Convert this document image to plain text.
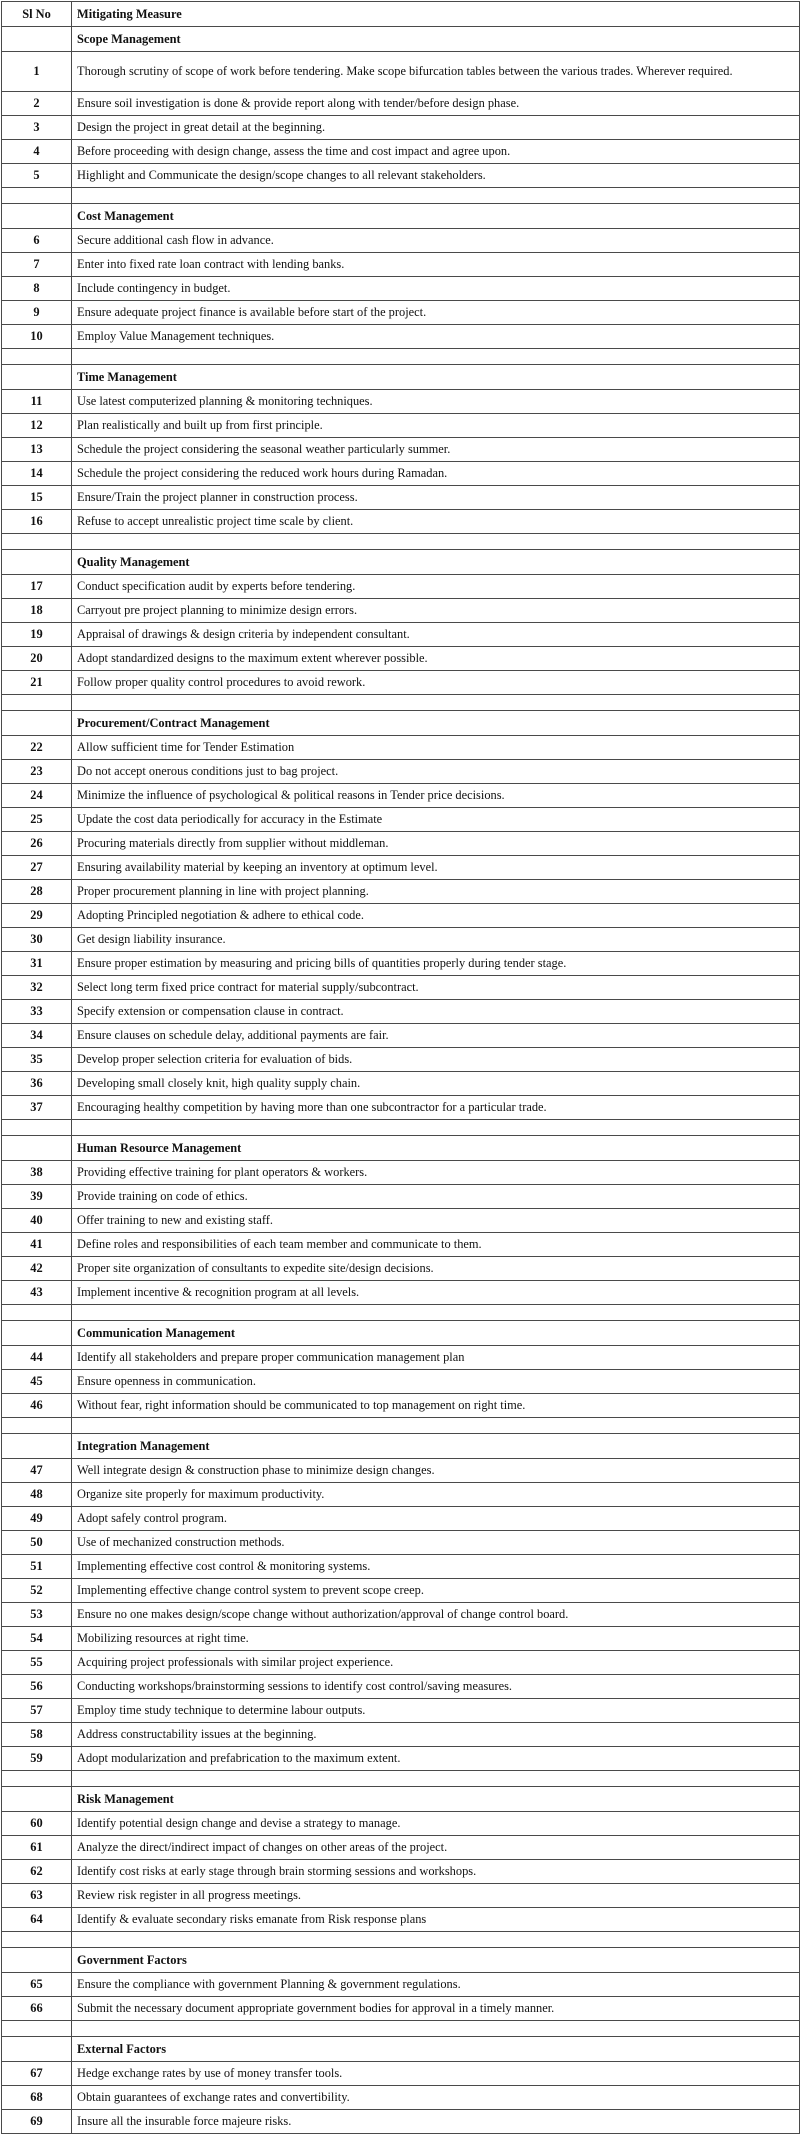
Sl No	Mitigating Measure
	Scope Management
1	Thorough scrutiny of scope of work before tendering. Make scope bifurcation tables between the various trades. Wherever required.
2	Ensure soil investigation is done & provide report along with tender/before design phase.
3	Design the project in great detail at the beginning.
4	Before proceeding with design change, assess the time and cost impact and agree upon.
5	Highlight and Communicate the design/scope changes to all relevant stakeholders.

	Cost Management
6	Secure additional cash flow in advance.
7	Enter into fixed rate loan contract with lending banks.
8	Include contingency in budget.
9	Ensure adequate project finance is available before start of the project.
10	Employ Value Management techniques.

	Time Management
11	Use latest computerized planning & monitoring techniques.
12	Plan realistically and built up from first principle.
13	Schedule the project considering the seasonal weather particularly summer.
14	Schedule the project considering the reduced work hours during Ramadan.
15	Ensure/Train the project planner in construction process.
16	Refuse to accept unrealistic project time scale by client.

	Quality Management
17	Conduct specification audit by experts before tendering.
18	Carryout pre project planning to minimize design errors.
19	Appraisal of drawings & design criteria by independent consultant.
20	Adopt standardized designs to the maximum extent wherever possible.
21	Follow proper quality control procedures to avoid rework.

	Procurement/Contract Management
22	Allow sufficient time for Tender Estimation
23	Do not accept onerous conditions just to bag project.
24	Minimize the influence of psychological & political reasons in Tender price decisions.
25	Update the cost data periodically for accuracy in the Estimate
26	Procuring materials directly from supplier without middleman.
27	Ensuring availability material by keeping an inventory at optimum level.
28	Proper procurement planning in line with project planning.
29	Adopting Principled negotiation & adhere to ethical code.
30	Get design liability insurance.
31	Ensure proper estimation by measuring and pricing bills of quantities properly during tender stage.
32	Select long term fixed price contract for material supply/subcontract.
33	Specify extension or compensation clause in contract.
34	Ensure clauses on schedule delay, additional payments are fair.
35	Develop proper selection criteria for evaluation of bids.
36	Developing small closely knit, high quality supply chain.
37	Encouraging healthy competition by having more than one subcontractor for a particular trade.

	Human Resource Management
38	Providing effective training for plant operators & workers.
39	Provide training on code of ethics.
40	Offer training to new and existing staff.
41	Define roles and responsibilities of each team member and communicate to them.
42	Proper site organization of consultants to expedite site/design decisions.
43	Implement incentive & recognition program at all levels.

	Communication Management
44	Identify all stakeholders and prepare proper communication management plan
45	Ensure openness in communication.
46	Without fear, right information should be communicated to top management on right time.

	Integration Management
47	Well integrate design & construction phase to minimize design changes.
48	Organize site properly for maximum productivity.
49	Adopt safely control program.
50	Use of mechanized construction methods.
51	Implementing effective cost control & monitoring systems.
52	Implementing effective change control system to prevent scope creep.
53	Ensure no one makes design/scope change without authorization/approval of change control board.
54	Mobilizing resources at right time.
55	Acquiring project professionals with similar project experience.
56	Conducting workshops/brainstorming sessions to identify cost control/saving measures.
57	Employ time study technique to determine labour outputs.
58	Address constructability issues at the beginning.
59	Adopt modularization and prefabrication to the maximum extent.

	Risk Management
60	Identify potential design change and devise a strategy to manage.
61	Analyze the direct/indirect impact of changes on other areas of the project.
62	Identify cost risks at early stage through brain storming sessions and workshops.
63	Review risk register in all progress meetings.
64	Identify & evaluate secondary risks emanate from Risk response plans

	Government Factors
65	Ensure the compliance with government Planning & government regulations.
66	Submit the necessary document appropriate government bodies for approval in a timely manner.

	External Factors
67	Hedge exchange rates by use of money transfer tools.
68	Obtain guarantees of exchange rates and convertibility.
69	Insure all the insurable force majeure risks.
